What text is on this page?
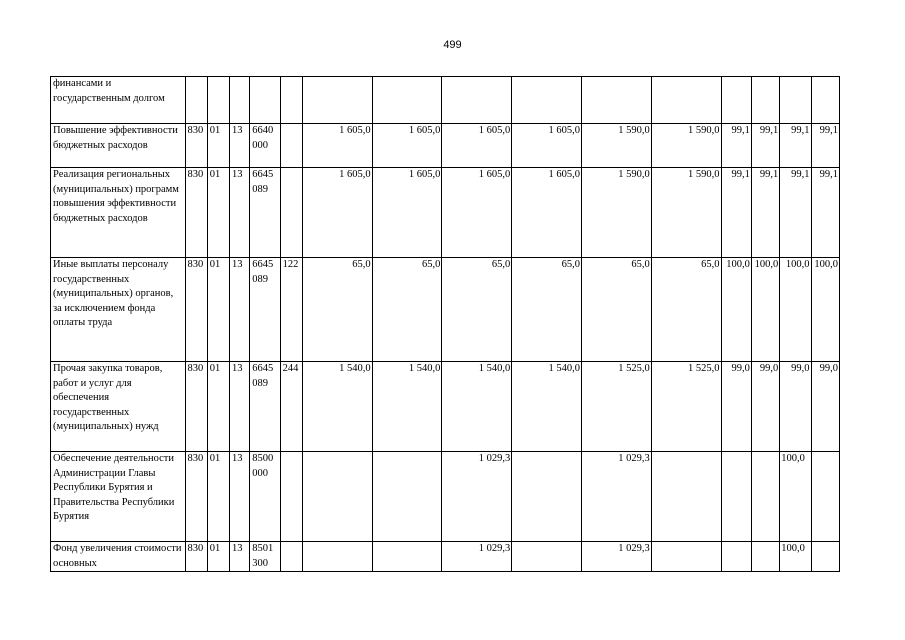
499
финансами и государственным долгом															
Повышение эффективности бюджетных расходов	830	01	13	6640 000		1 605,0	1 605,0	1 605,0	1 605,0	1 590,0	1 590,0	99,1	99,1	99,1	99,1
Реализация региональных (муниципальных) программ повышения эффективности бюджетных расходов	830	01	13	6645 089		1 605,0	1 605,0	1 605,0	1 605,0	1 590,0	1 590,0	99,1	99,1	99,1	99,1
Иные выплаты персоналу государственных (муниципальных) органов, за исключением фонда оплаты труда	830	01	13	6645 089	122	65,0	65,0	65,0	65,0	65,0	65,0	100,0	100,0	100,0	100,0
Прочая закупка товаров, работ и услуг для обеспечения государственных (муниципальных) нужд	830	01	13	6645 089	244	1 540,0	1 540,0	1 540,0	1 540,0	1 525,0	1 525,0	99,0	99,0	99,0	99,0
Обеспечение деятельности Администрации Главы Республики Бурятия и Правительства Республики Бурятия	830	01	13	8500 000				1 029,3		1 029,3				100,0	
Фонд увеличения стоимости основных	830	01	13	8501 300				1 029,3		1 029,3				100,0	
